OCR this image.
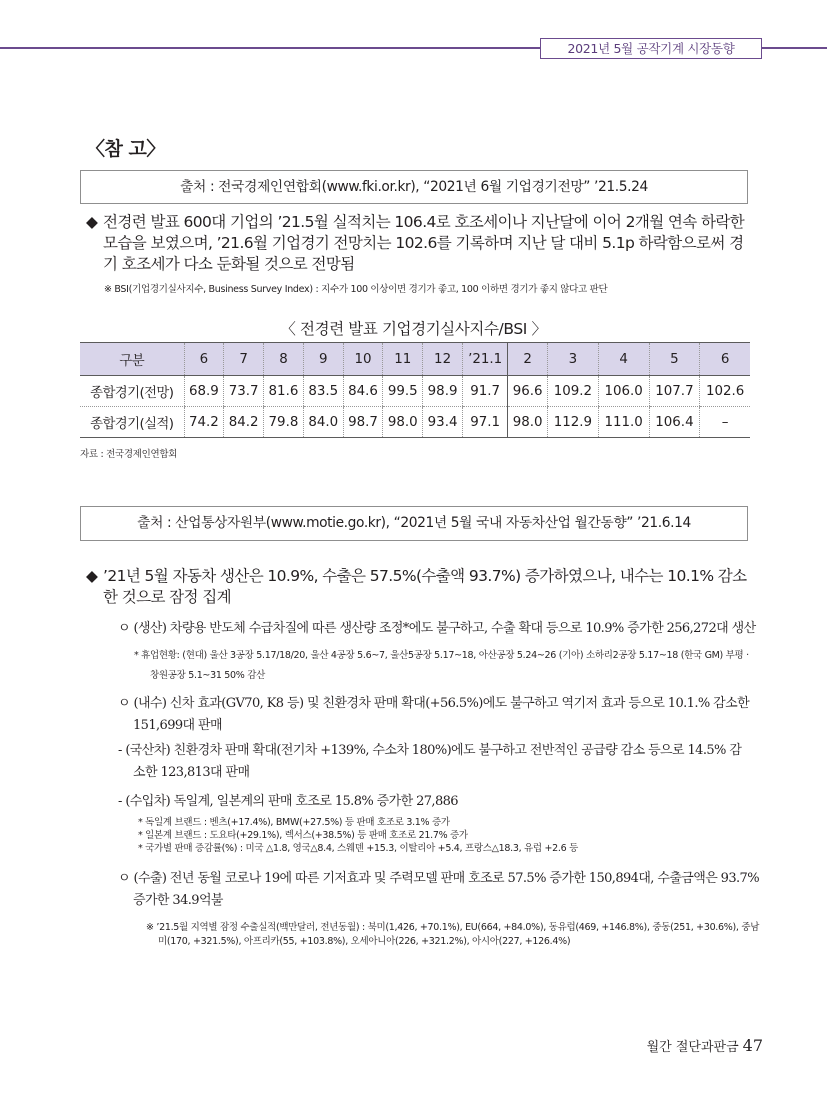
2021년 5월 공작기계 시장동향
〈참 고〉
출처 : 전국경제인연합회(www.fki.or.kr), “2021년 6월 기업경기전망” ’21.5.24
◆ 전경련 발표 600대 기업의 ’21.5월 실적치는 106.4로 호조세이나 지난달에 이어 2개월 연속 하락한 모습을 보였으며, ’21.6월 기업경기 전망치는 102.6를 기록하며 지난 달 대비 5.1p 하락함으로써 경기 호조세가 다소 둔화될 것으로 전망됨
※ BSI(기업경기실사지수, Business Survey Index) : 지수가 100 이상이면 경기가 좋고, 100 이하면 경기가 좋지 않다고 판단
〈 전경련 발표 기업경기실사지수/BSI 〉
구분	6	7	8	9	10	11	12	’21.1	2	3	4	5	6
종합경기(전망)	68.9	73.7	81.6	83.5	84.6	99.5	98.9	91.7	96.6	109.2	106.0	107.7	102.6
종합경기(실적)	74.2	84.2	79.8	84.0	98.7	98.0	93.4	97.1	98.0	112.9	111.0	106.4	–
자료 : 전국경제인연합회
출처 : 산업통상자원부(www.motie.go.kr), “2021년 5월 국내 자동차산업 월간동향” ’21.6.14
◆ ’21년 5월 자동차 생산은 10.9%, 수출은 57.5%(수출액 93.7%) 증가하였으나, 내수는 10.1% 감소한 것으로 잠정 집계
ㅇ (생산) 차량용 반도체 수급차질에 따른 생산량 조정*에도 불구하고, 수출 확대 등으로 10.9% 증가한 256,272대 생산
* 휴업현황: (현대) 울산 3공장 5.17/18/20, 울산 4공장 5.6~7, 울산5공장 5.17~18, 아산공장 5.24~26 (기아) 소하리2공장 5.17~18 (한국 GM) 부평 ·
창원공장 5.1~31 50% 감산
ㅇ (내수) 신차 효과(GV70, K8 등) 및 친환경차 판매 확대(+56.5%)에도 불구하고 역기저 효과 등으로 10.1.% 감소한
151,699대 판매
- (국산차) 친환경차 판매 확대(전기차 +139%, 수소차 180%)에도 불구하고 전반적인 공급량 감소 등으로 14.5% 감
소한 123,813대 판매
- (수입차) 독일계, 일본계의 판매 호조로 15.8% 증가한 27,886
* 독일계 브랜드 : 벤츠(+17.4%), BMW(+27.5%) 등 판매 호조로 3.1% 증가
* 일본계 브랜드 : 도요타(+29.1%), 렉서스(+38.5%) 등 판매 호조로 21.7% 증가
* 국가별 판매 증감률(%) : 미국 △1.8, 영국△8.4, 스웨덴 +15.3, 이탈리아 +5.4, 프랑스△18.3, 유럽 +2.6 등
ㅇ (수출) 전년 동월 코로나 19에 따른 기저효과 및 주력모델 판매 호조로 57.5% 증가한 150,894대, 수출금액은 93.7%
증가한 34.9억불
※ ’21.5월 지역별 잠정 수출실적(백만달러, 전년동월) : 북미(1,426, +70.1%), EU(664, +84.0%), 동유럽(469, +146.8%), 중동(251, +30.6%), 중남
미(170, +321.5%), 아프리카(55, +103.8%), 오세아니아(226, +321.2%), 아시아(227, +126.4%)
월간 절단과판금 47
